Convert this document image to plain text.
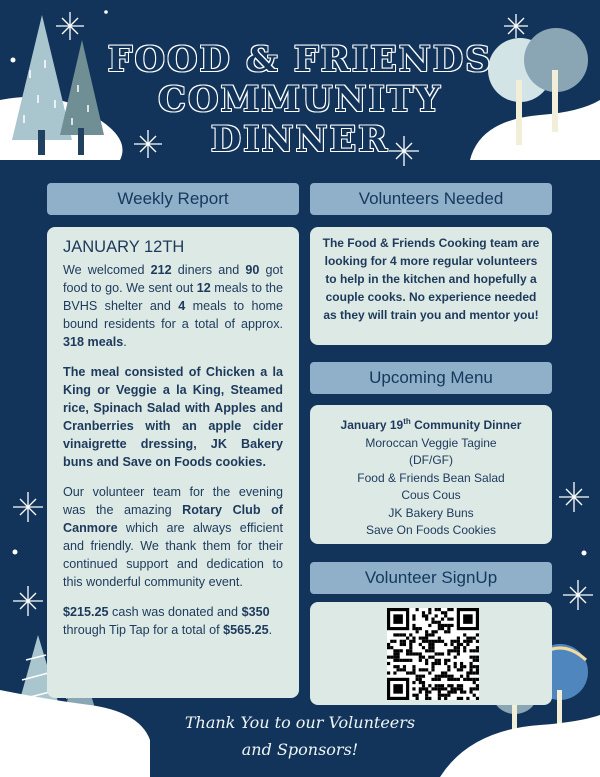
FOOD & FRIENDS
COMMUNITY DINNER
Weekly Report
JANUARY 12TH

We welcomed 212 diners and 90 got food to go. We sent out 12 meals to the BVHS shelter and 4 meals to home bound residents for a total of approx. 318 meals.

The meal consisted of Chicken a la King or Veggie a la King, Steamed rice, Spinach Salad with Apples and Cranberries with an apple cider vinaigrette dressing, JK Bakery buns and Save on Foods cookies.

Our volunteer team for the evening was the amazing Rotary Club of Canmore which are always efficient and friendly. We thank them for their continued support and dedication to this wonderful community event.

$215.25 cash was donated and $350 through Tip Tap for a total of $565.25.

Volunteers Needed

The Food & Friends Cooking team are looking for 4 more regular volunteers to help in the kitchen and hopefully a couple cooks. No experience needed as they will train you and mentor you!

Upcoming Menu
January 19th Community Dinner
Moroccan Veggie Tagine
(DF/GF)
Food & Friends Bean Salad
Cous Cous
JK Bakery Buns
Save On Foods Cookies
Volunteer SignUp
Thank You to our Volunteers
and Sponsors!
